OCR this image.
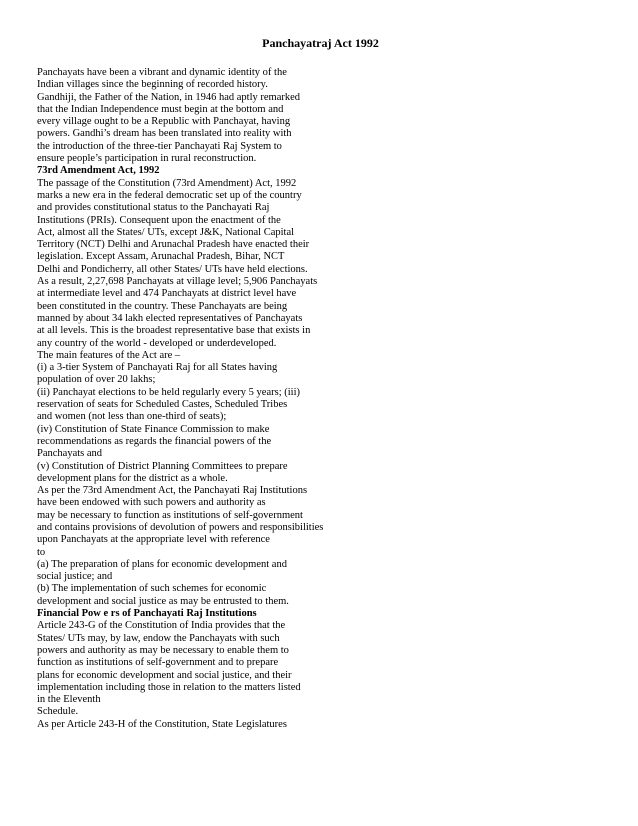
Panchayatraj Act 1992
Panchayats have been a vibrant and dynamic identity of the
Indian villages since the beginning of recorded history.
Gandhiji, the Father of the Nation, in 1946 had aptly remarked
that the Indian Independence must begin at the bottom and
every village ought to be a Republic with Panchayat, having
powers. Gandhi’s dream has been translated into reality with
the introduction of the three-tier Panchayati Raj System to
ensure people’s participation in rural reconstruction.
73rd Amendment Act, 1992
The passage of the Constitution (73rd Amendment) Act, 1992
marks a new era in the federal democratic set up of the country
and provides constitutional status to the Panchayati Raj
Institutions (PRIs). Consequent upon the enactment of the
Act, almost all the States/ UTs, except J&K, National Capital
Territory (NCT) Delhi and Arunachal Pradesh have enacted their
legislation. Except Assam, Arunachal Pradesh, Bihar, NCT
Delhi and Pondicherry, all other States/ UTs have held elections.
As a result, 2,27,698 Panchayats at village level; 5,906 Panchayats
at intermediate level and 474 Panchayats at district level have
been constituted in the country. These Panchayats are being
manned by about 34 lakh elected representatives of Panchayats
at all levels. This is the broadest representative base that exists in
any country of the world - developed or underdeveloped.
The main features of the Act are –
(i) a 3-tier System of Panchayati Raj for all States having
population of over 20 lakhs;
(ii) Panchayat elections to be held regularly every 5 years; (iii)
reservation of seats for Scheduled Castes, Scheduled Tribes
and women (not less than one-third of seats);
(iv) Constitution of State Finance Commission to make
recommendations as regards the financial powers of the
Panchayats and
(v) Constitution of District Planning Committees to prepare
development plans for the district as a whole.
As per the 73rd Amendment Act, the Panchayati Raj Institutions
have been endowed with such powers and authority as
may be necessary to function as institutions of self-government
and contains provisions of devolution of powers and responsibilities
upon Panchayats at the appropriate level with reference
to
(a) The preparation of plans for economic development and
social justice; and
(b) The implementation of such schemes for economic
development and social justice as may be entrusted to them.
Financial Pow e rs of Panchayati Raj Institutions
Article 243-G of the Constitution of India provides that the
States/ UTs may, by law, endow the Panchayats with such
powers and authority as may be necessary to enable them to
function as institutions of self-government and to prepare
plans for economic development and social justice, and their
implementation including those in relation to the matters listed
in the Eleventh
Schedule.
As per Article 243-H of the Constitution, State Legislatures
